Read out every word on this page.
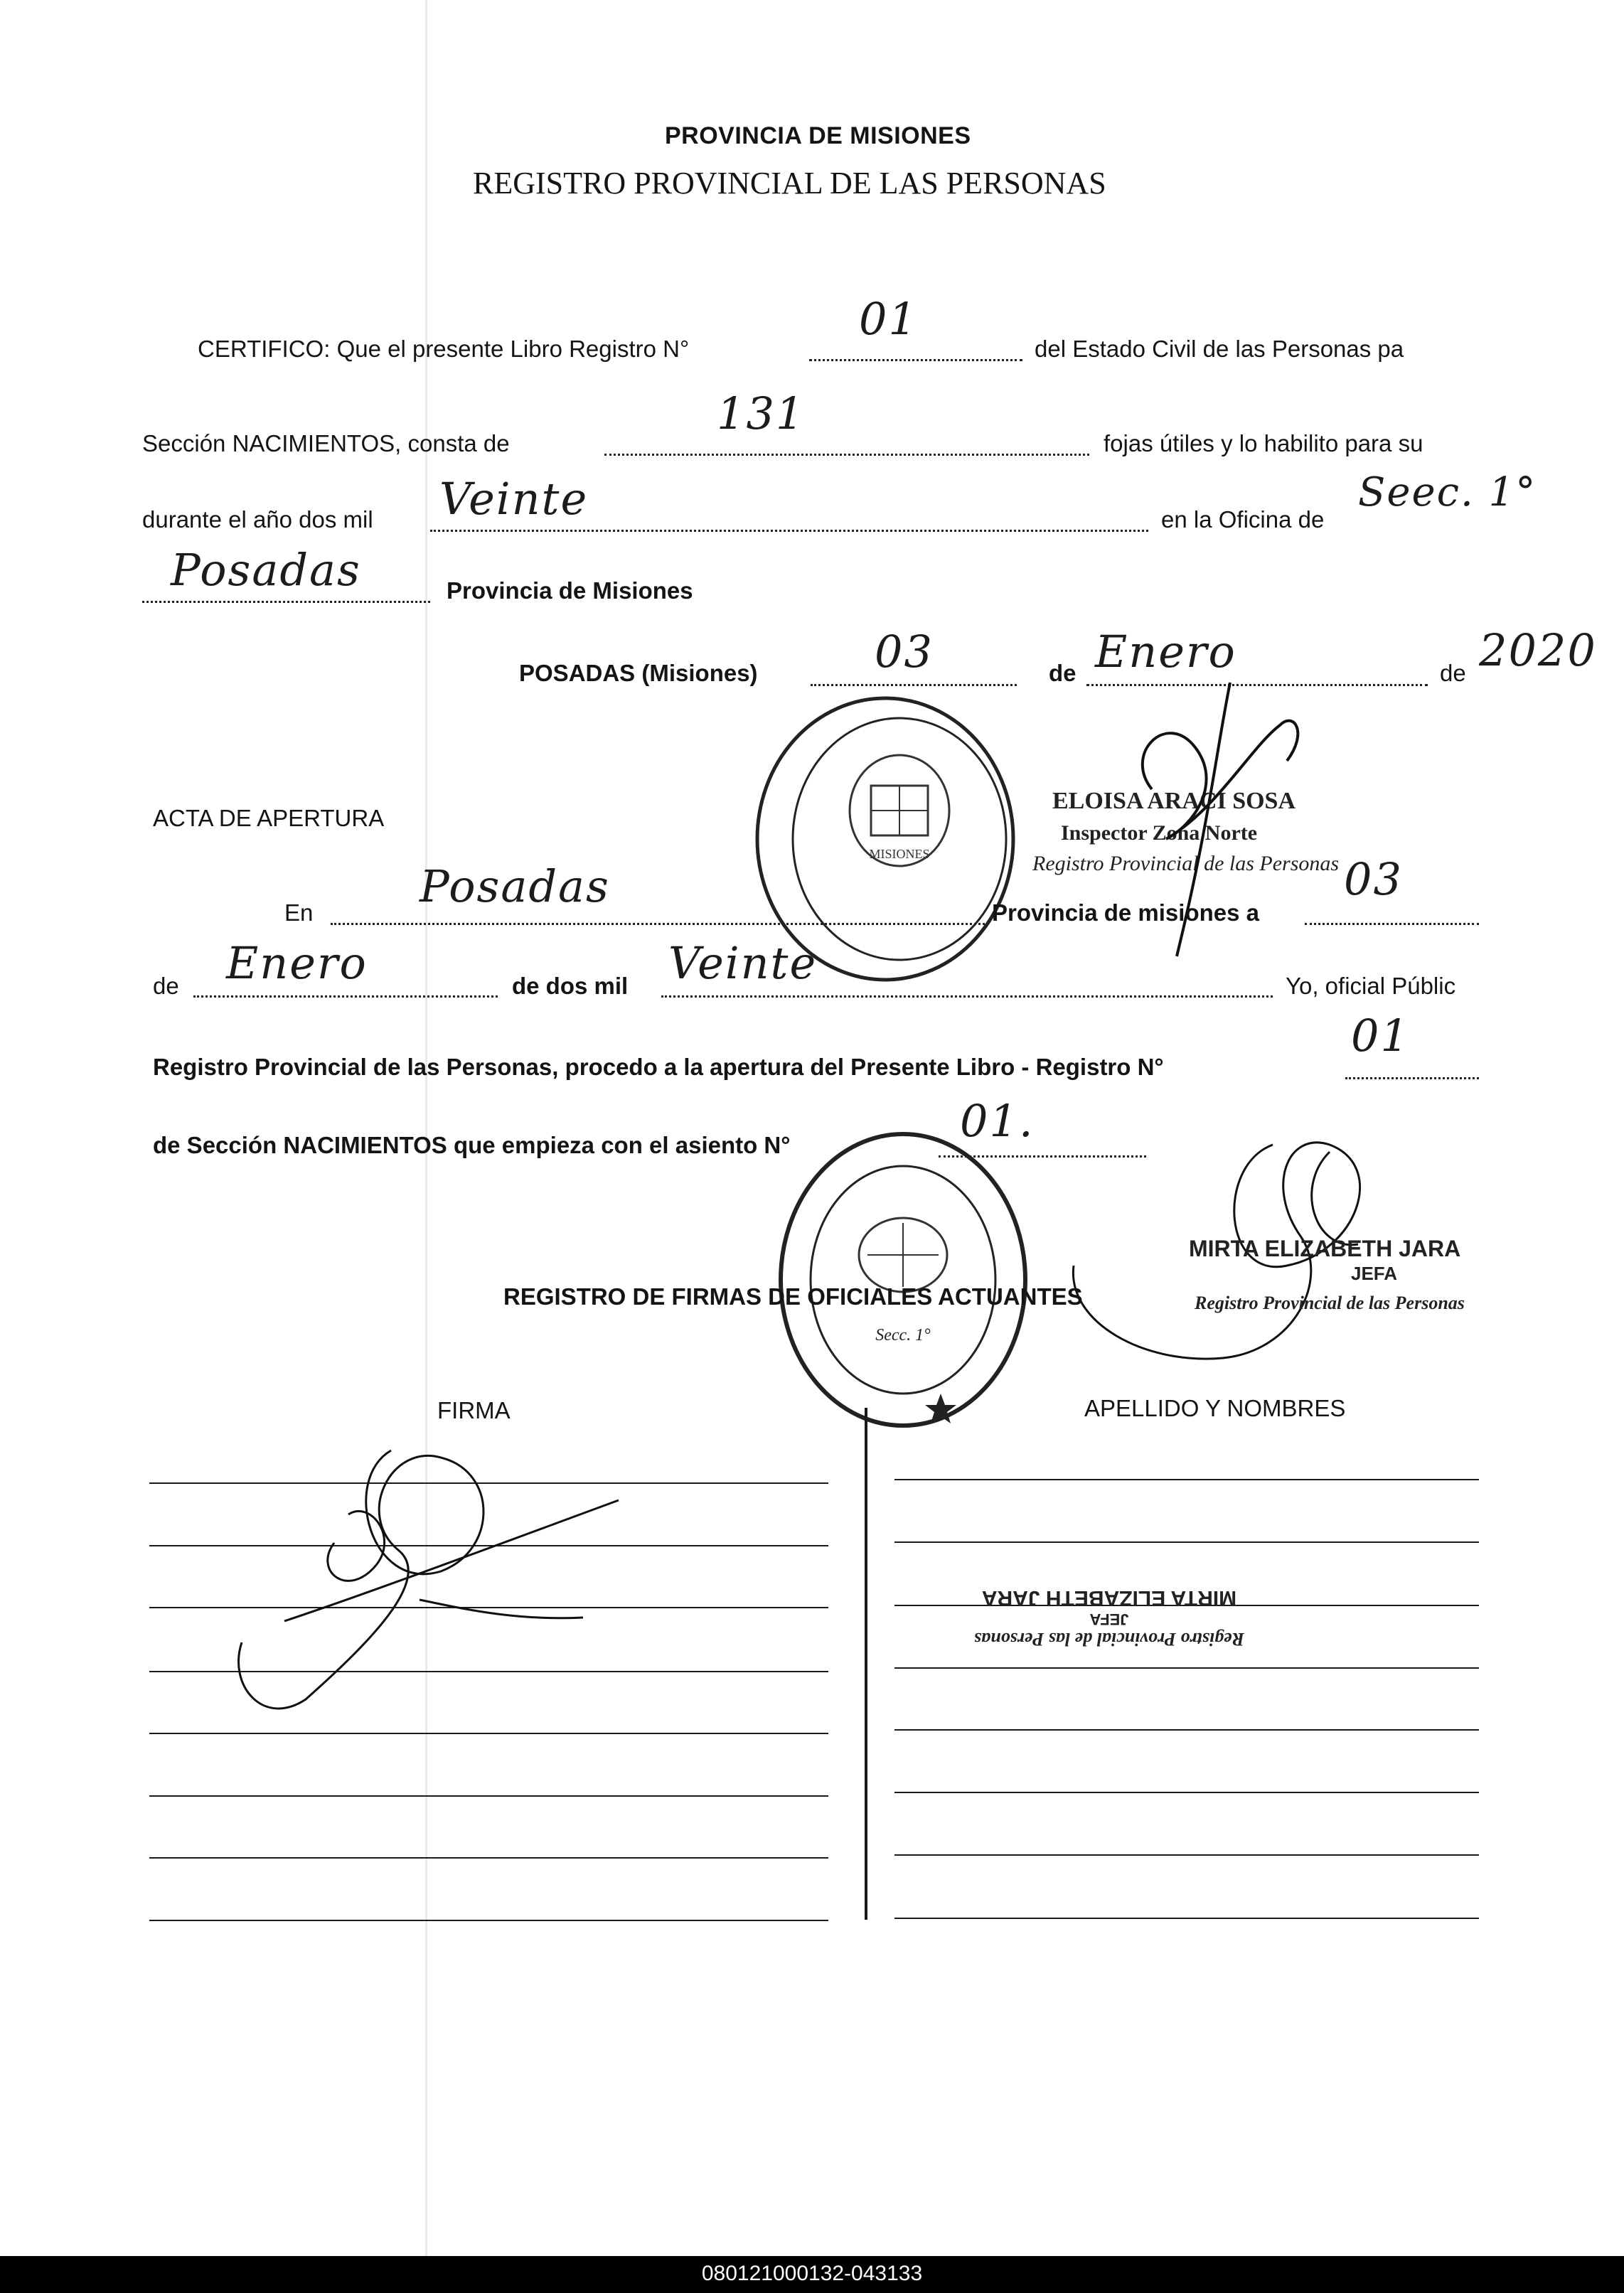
PROVINCIA DE MISIONES
REGISTRO PROVINCIAL DE LAS PERSONAS
CERTIFICO: Que el presente Libro Registro N°
01
del Estado Civil de las Personas pa
Sección NACIMIENTOS, consta de
131
fojas útiles y lo habilito para su
durante el año dos mil Veinte	en la Oficina de
Seec. 1°
Posadas	Provincia de Misiones
POSADAS (Misiones)	03	de Enero	de 2020
MISIONES
ELOISA ARACI SOSA
Inspector Zona Norte
Registro Provincial de las Personas
ACTA DE APERTURA
En
Posadas
Provincia de misiones a
03
de Enero	de dos mil Veinte	Yo, oficial Públic
Registro Provincial de las Personas, procedo a la apertura del Presente Libro - Registro N°
01
de Sección NACIMIENTOS que empieza con el asiento N°	01.
Secc. 1°
MIRTA ELIZABETH JARA
JEFA
Registro Provincial de las Personas
REGISTRO DE FIRMAS DE OFICIALES ACTUANTES
FIRMA	APELLIDO Y NOMBRES
Registro Provincial de las Personas
JEFA
MIRTA ELIZABETH JARA
080121000132-043133
